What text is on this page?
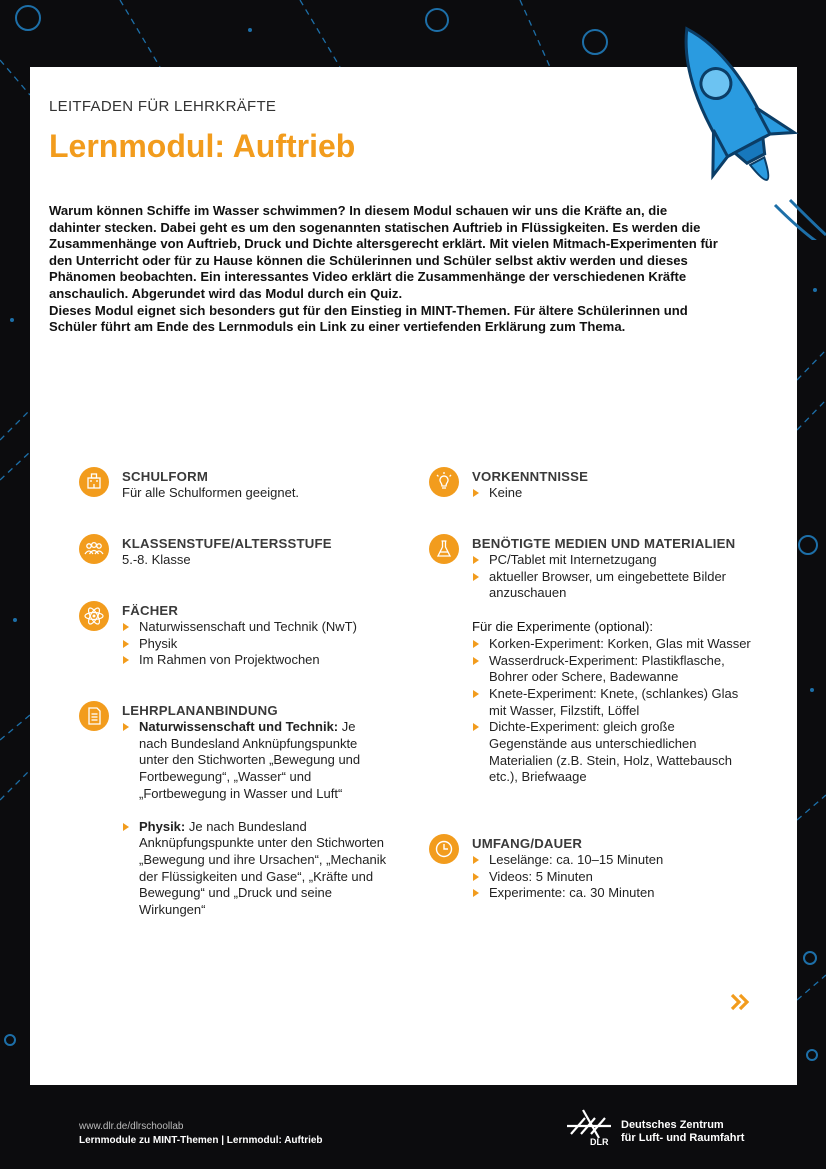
LEITFADEN FÜR LEHRKRÄFTE
Lernmodul: Auftrieb

Warum können Schiffe im Wasser schwimmen? In diesem Modul schauen wir uns die Kräfte an, die dahinter stecken. Dabei geht es um den sogenannten statischen Auftrieb in Flüssigkeiten. Es werden die Zusammenhänge von Auftrieb, Druck und Dichte altersgerecht erklärt. Mit vielen Mitmach-Experimenten für den Unterricht oder für zu Hause können die Schülerinnen und Schüler selbst aktiv werden und dieses Phänomen beobachten. Ein interessantes Video erklärt die Zusammenhänge der verschiedenen Kräfte anschaulich. Abgerundet wird das Modul durch ein Quiz.

Dieses Modul eignet sich besonders gut für den Einstieg in MINT-Themen. Für ältere Schülerinnen und Schüler führt am Ende des Lernmoduls ein Link zu einer vertiefenden Erklärung zum Thema.

SCHULFORM
Für alle Schulformen geeignet.
KLASSENSTUFE/ALTERSSTUFE
5.-8. Klasse
FÄCHER
Naturwissenschaft und Technik (NwT)
Physik
Im Rahmen von Projektwochen
LEHRPLANANBINDUNG
Naturwissenschaft und Technik: Je nach Bundesland Anknüpfungspunkte unter den Stichworten „Bewegung und Fortbewegung“, „Wasser“ und „Fortbewegung in Wasser und Luft“
Physik: Je nach Bundesland Anknüpfungspunkte unter den Stichworten „Bewegung und ihre Ursachen“, „Mechanik der Flüssigkeiten und Gase“, „Kräfte und Bewegung“ und „Druck und seine Wirkungen“
VORKENNTNISSE
Keine
BENÖTIGTE MEDIEN UND MATERIALIEN
PC/Tablet mit Internetzugang
aktueller Browser, um eingebettete Bilder anzuschauen
Für die Experimente (optional):
Korken-Experiment: Korken, Glas mit Wasser
Wasserdruck-Experiment: Plastikflasche, Bohrer oder Schere, Badewanne
Knete-Experiment: Knete, (schlankes) Glas mit Wasser, Filzstift, Löffel
Dichte-Experiment: gleich große Gegenstände aus unterschiedlichen Materialien (z.B. Stein, Holz, Wattebausch etc.), Briefwaage
UMFANG/DAUER
Leselänge: ca. 10–15 Minuten
Videos: 5 Minuten
Experimente: ca. 30 Minuten
www.dlr.de/dlrschoollab
Lernmodule zu MINT-Themen | Lernmodul: Auftrieb	DLR
Deutsches Zentrum
für Luft- und Raumfahrt
